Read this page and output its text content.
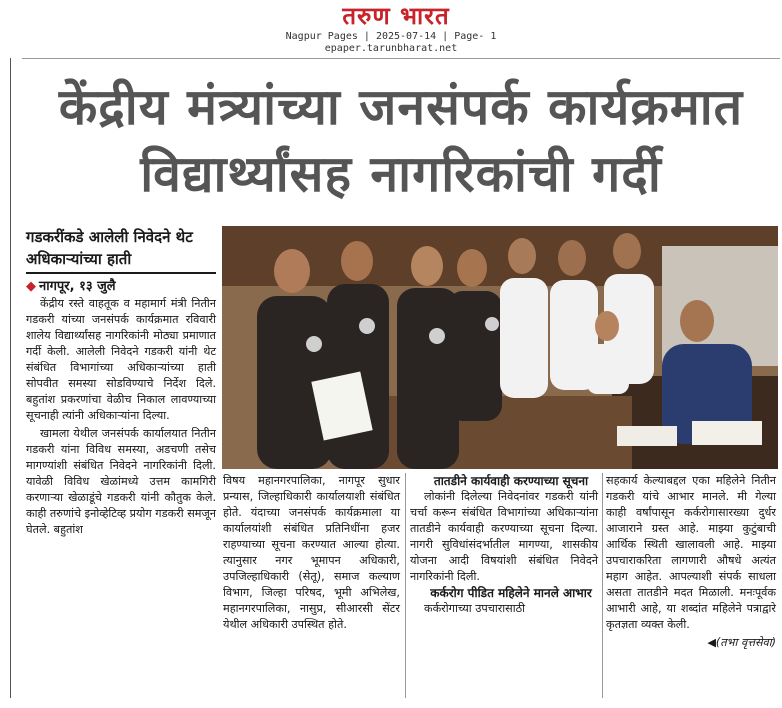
तरुण भारत
Nagpur Pages | 2025-07-14 | Page- 1
epaper.tarunbharat.net
केंद्रीय मंत्र्यांच्या जनसंपर्क कार्यक्रमात
विद्यार्थ्यांसह नागरिकांची गर्दी
गडकरींकडे आलेली निवेदने थेट अधिकाऱ्यांच्या हाती
◆ नागपूर, १३ जुलै

केंद्रीय रस्ते वाहतूक व महामार्ग मंत्री नितीन गडकरी यांच्या जनसंपर्क कार्यक्रमात रविवारी शालेय विद्यार्थ्यांसह नागरिकांनी मोठ्या प्रमाणात गर्दी केली. आलेली निवेदने गडकरी यांनी थेट संबंधित विभागांच्या अधिकाऱ्यांच्या हाती सोपवीत समस्या सोडविण्याचे निर्देश दिले. बहुतांश प्रकरणांचा वेळीच निकाल लावण्याच्या सूचनाही त्यांनी अधिकाऱ्यांना दिल्या.

खामला येथील जनसंपर्क कार्यालयात नितीन गडकरी यांना विविध समस्या, अडचणी तसेच मागण्यांशी संबंधित निवेदने नागरिकांनी दिली. यावेळी विविध खेळांमध्ये उत्तम कामगिरी करणाऱ्या खेळाडूंचे गडकरी यांनी कौतुक केले. काही तरुणांचे इनोव्हेटिव्ह प्रयोग गडकरी समजून घेतले. बहुतांश

विषय महानगरपालिका, नागपूर सुधार प्रन्यास, जिल्हाधिकारी कार्यालयाशी संबंधित होते. यंदाच्या जनसंपर्क कार्यक्रमाला या कार्यालयांशी संबंधित प्रतिनिधींना हजर राहण्याच्या सूचना करण्यात आल्या होत्या. त्यानुसार नगर भूमापन अधिकारी, उपजिल्हाधिकारी (सेतू), समाज कल्याण विभाग, जिल्हा परिषद, भूमी अभिलेख, महानगरपालिका, नासुप्र, सीआरसी सेंटर येथील अधिकारी उपस्थित होते.

तातडीने कार्यवाही करण्याच्या सूचना

लोकांनी दिलेल्या निवेदनांवर गडकरी यांनी चर्चा करून संबंधित विभागांच्या अधिकाऱ्यांना तातडीने कार्यवाही करण्याच्या सूचना दिल्या. नागरी सुविधांसंदर्भातील मागण्या, शासकीय योजना आदी विषयांशी संबंधित निवेदने नागरिकांनी दिली.

कर्करोग पीडित महिलेने मानले आभार

कर्करोगाच्या उपचारासाठी

सहकार्य केल्याबद्दल एका महिलेने नितीन गडकरी यांचे आभार मानले. मी गेल्या काही वर्षांपासून कर्करोगासारख्या दुर्धर आजाराने ग्रस्त आहे. माझ्या कुटुंबाची आर्थिक स्थिती खालावली आहे. माझ्या उपचाराकरिता लागणारी औषधे अत्यंत महाग आहेत. आपल्याशी संपर्क साधला असता तातडीने मदत मिळाली. मनःपूर्वक आभारी आहे, या शब्दांत महिलेने पत्राद्वारे कृतज्ञता व्यक्त केली.

◀(तभा वृत्तसेवा)
